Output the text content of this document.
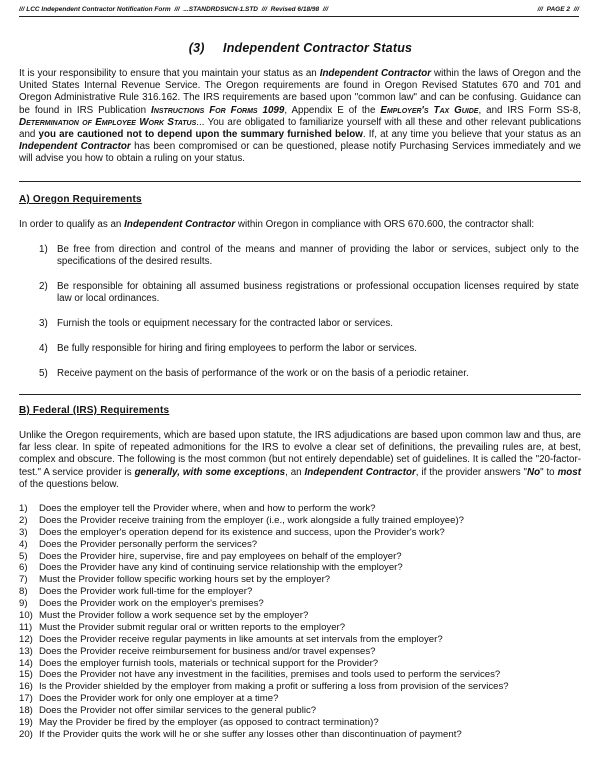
/// LCC Independent Contractor Notification Form /// ...STANDRDS\ICN-1.STD /// Revised 6/18/98 ///	/// PAGE 2 ///
(3)     Independent Contractor Status
It is your responsibility to ensure that you maintain your status as an Independent Contractor within the laws of Oregon and the United States Internal Revenue Service. The Oregon requirements are found in Oregon Revised Statutes 670 and 701 and Oregon Administrative Rule 316.162. The IRS requirements are based upon "common law" and can be confusing. Guidance can be found in IRS Publication Instructions For Forms 1099, Appendix E of the Employer's Tax Guide, and IRS Form SS-8, Determination of Employee Work Status... You are obligated to familiarize yourself with all these and other relevant publications and you are cautioned not to depend upon the summary furnished below. If, at any time you believe that your status as an Independent Contractor has been compromised or can be questioned, please notify Purchasing Services immediately and we will advise you how to obtain a ruling on your status.
A) Oregon Requirements
In order to qualify as an Independent Contractor within Oregon in compliance with ORS 670.600, the contractor shall:
1) Be free from direction and control of the means and manner of providing the labor or services, subject only to the specifications of the desired results.
2) Be responsible for obtaining all assumed business registrations or professional occupation licenses required by state law or local ordinances.
3) Furnish the tools or equipment necessary for the contracted labor or services.
4) Be fully responsible for hiring and firing employees to perform the labor or services.
5) Receive payment on the basis of performance of the work or on the basis of a periodic retainer.
B) Federal (IRS) Requirements
Unlike the Oregon requirements, which are based upon statute, the IRS adjudications are based upon common law and thus, are far less clear. In spite of repeated admonitions for the IRS to evolve a clear set of definitions, the prevailing rules are, at best, complex and obscure. The following is the most common (but not entirely dependable) set of guidelines. It is called the "20-factor-test." A service provider is generally, with some exceptions, an Independent Contractor, if the provider answers "No" to most of the questions below.
1) Does the employer tell the Provider where, when and how to perform the work?
2) Does the Provider receive training from the employer (i.e., work alongside a fully trained employee)?
3) Does the employer's operation depend for its existence and success, upon the Provider's work?
4) Does the Provider personally perform the services?
5) Does the Provider hire, supervise, fire and pay employees on behalf of the employer?
6) Does the Provider have any kind of continuing service relationship with the employer?
7) Must the Provider follow specific working hours set by the employer?
8) Does the Provider work full-time for the employer?
9) Does the Provider work on the employer's premises?
10) Must the Provider follow a work sequence set by the employer?
11) Must the Provider submit regular oral or written reports to the employer?
12) Does the Provider receive regular payments in like amounts at set intervals from the employer?
13) Does the Provider receive reimbursement for business and/or travel expenses?
14) Does the employer furnish tools, materials or technical support for the Provider?
15) Does the Provider not have any investment in the facilities, premises and tools used to perform the services?
16) Is the Provider shielded by the employer from making a profit or suffering a loss from provision of the services?
17) Does the Provider work for only one employer at a time?
18) Does the Provider not offer similar services to the general public?
19) May the Provider be fired by the employer (as opposed to contract termination)?
20) If the Provider quits the work will he or she suffer any losses other than discontinuation of payment?
